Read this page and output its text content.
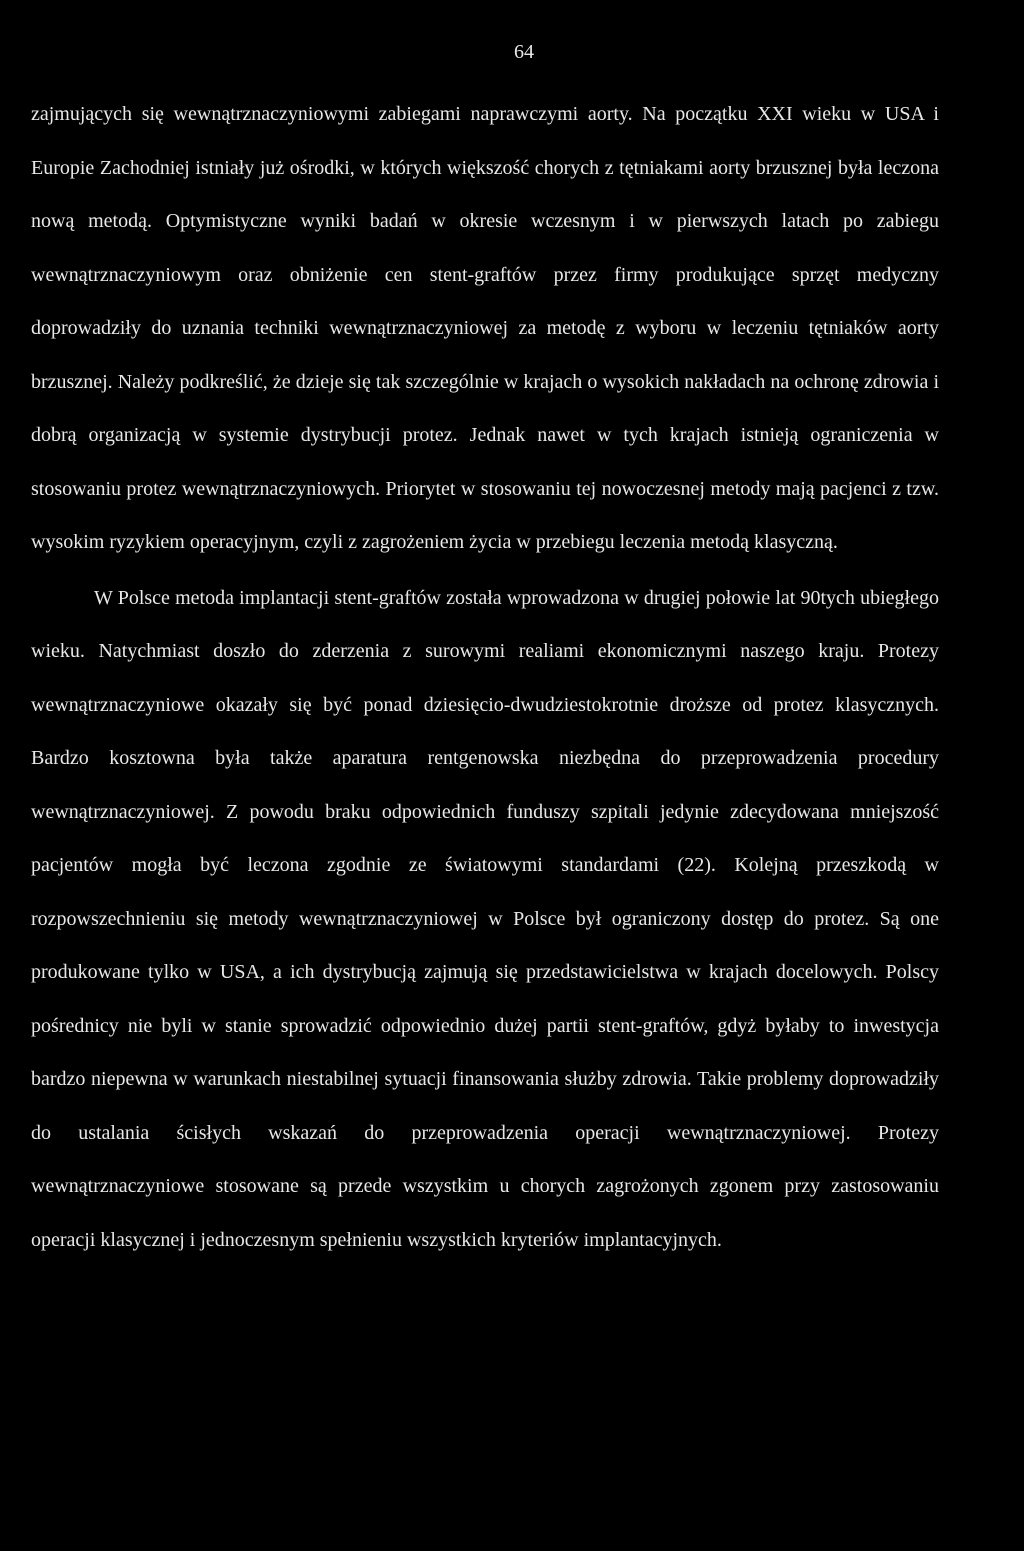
64

zajmujących się wewnątrznaczyniowymi zabiegami naprawczymi aorty. Na początku XXI wieku w USA i Europie Zachodniej istniały już ośrodki, w których większość chorych z tętniakami aorty brzusznej była leczona nową metodą. Optymistyczne wyniki badań w okresie wczesnym i w pierwszych latach po zabiegu wewnątrznaczyniowym oraz obniżenie cen stent-graftów przez firmy produkujące sprzęt medyczny doprowadziły do uznania techniki wewnątrznaczyniowej za metodę z wyboru w leczeniu tętniaków aorty brzusznej. Należy podkreślić, że dzieje się tak szczególnie w krajach o wysokich nakładach na ochronę zdrowia i dobrą organizacją w systemie dystrybucji protez. Jednak nawet w tych krajach istnieją ograniczenia w stosowaniu protez wewnątrznaczyniowych. Priorytet w stosowaniu tej nowoczesnej metody mają pacjenci z tzw. wysokim ryzykiem operacyjnym, czyli z zagrożeniem życia w przebiegu leczenia metodą klasyczną.

W Polsce metoda implantacji stent-graftów została wprowadzona w drugiej połowie lat 90tych ubiegłego wieku. Natychmiast doszło do zderzenia z surowymi realiami ekonomicznymi naszego kraju. Protezy wewnątrznaczyniowe okazały się być ponad dziesięcio-dwudziestokrotnie droższe od protez klasycznych. Bardzo kosztowna była także aparatura rentgenowska niezbędna do przeprowadzenia procedury wewnątrznaczyniowej. Z powodu braku odpowiednich funduszy szpitali jedynie zdecydowana mniejszość pacjentów mogła być leczona zgodnie ze światowymi standardami (22). Kolejną przeszkodą w rozpowszechnieniu się metody wewnątrznaczyniowej w Polsce był ograniczony dostęp do protez. Są one produkowane tylko w USA, a ich dystrybucją zajmują się przedstawicielstwa w krajach docelowych. Polscy pośrednicy nie byli w stanie sprowadzić odpowiednio dużej partii stent-graftów, gdyż byłaby to inwestycja bardzo niepewna w warunkach niestabilnej sytuacji finansowania służby zdrowia. Takie problemy doprowadziły do ustalania ścisłych wskazań do przeprowadzenia operacji wewnątrznaczyniowej. Protezy wewnątrznaczyniowe stosowane są przede wszystkim u chorych zagrożonych zgonem przy zastosowaniu operacji klasycznej i jednoczesnym spełnieniu wszystkich kryteriów implantacyjnych.
